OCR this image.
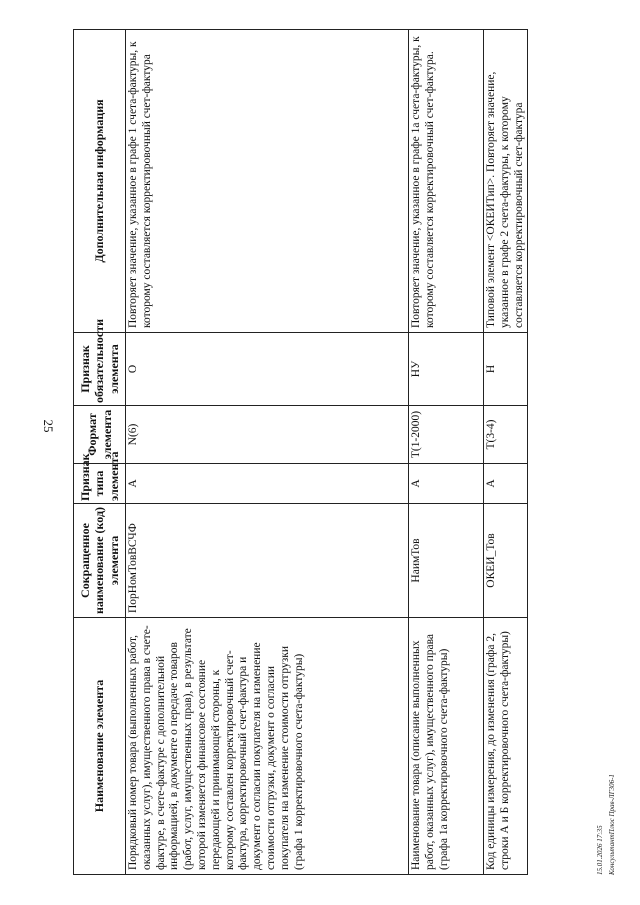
25
Наименование элемента	Сокращенное наименование (код) элемента	Признак типа элемента	Формат элемента	Признак обязательности элемента	Дополнительная информация
Порядковый номер товара (выполненных работ, оказанных услуг), имущественного права в счете-фактуре, в счете-фактуре с дополнительной информацией, в документе о передаче товаров (работ, услуг, имущественных прав), в результате которой изменяется финансовое состояние передающей и принимающей стороны, к которому составлен корректировочный счет-фактура, корректировочный счет-фактура и документ о согласии покупателя на изменение стоимости отгрузки, документ о согласии покупателя на изменение стоимости отгрузки (графа 1 корректировочного счета-фактуры)	ПорНомТовВСЧФ	А	N(6)	О	Повторяет значение, указанное в графе 1 счета-фактуры, к которому составляется корректировочный счет-фактура
Наименование товара (описание выполненных работ, оказанных услуг), имущественного права (графа 1а корректировочного счета-фактуры)	НаимТов	А	T(1-2000)	НУ	Повторяет значение, указанное в графе 1а счета-фактуры, к которому составляется корректировочный счет-фактура.
Код единицы измерения, до изменения (графа 2, строки А и Б корректировочного счета-фактуры)	ОКЕИ_Тов	А	T(3-4)	Н	Типовой элемент <ОКЕИТип>. Повторяет значение, указанное в графе 2 счета-фактуры, к которому составляется корректировочный счет-фактура
15.01.2026 17:35 КонсультантПлюс Прав-ЛГ306-1
